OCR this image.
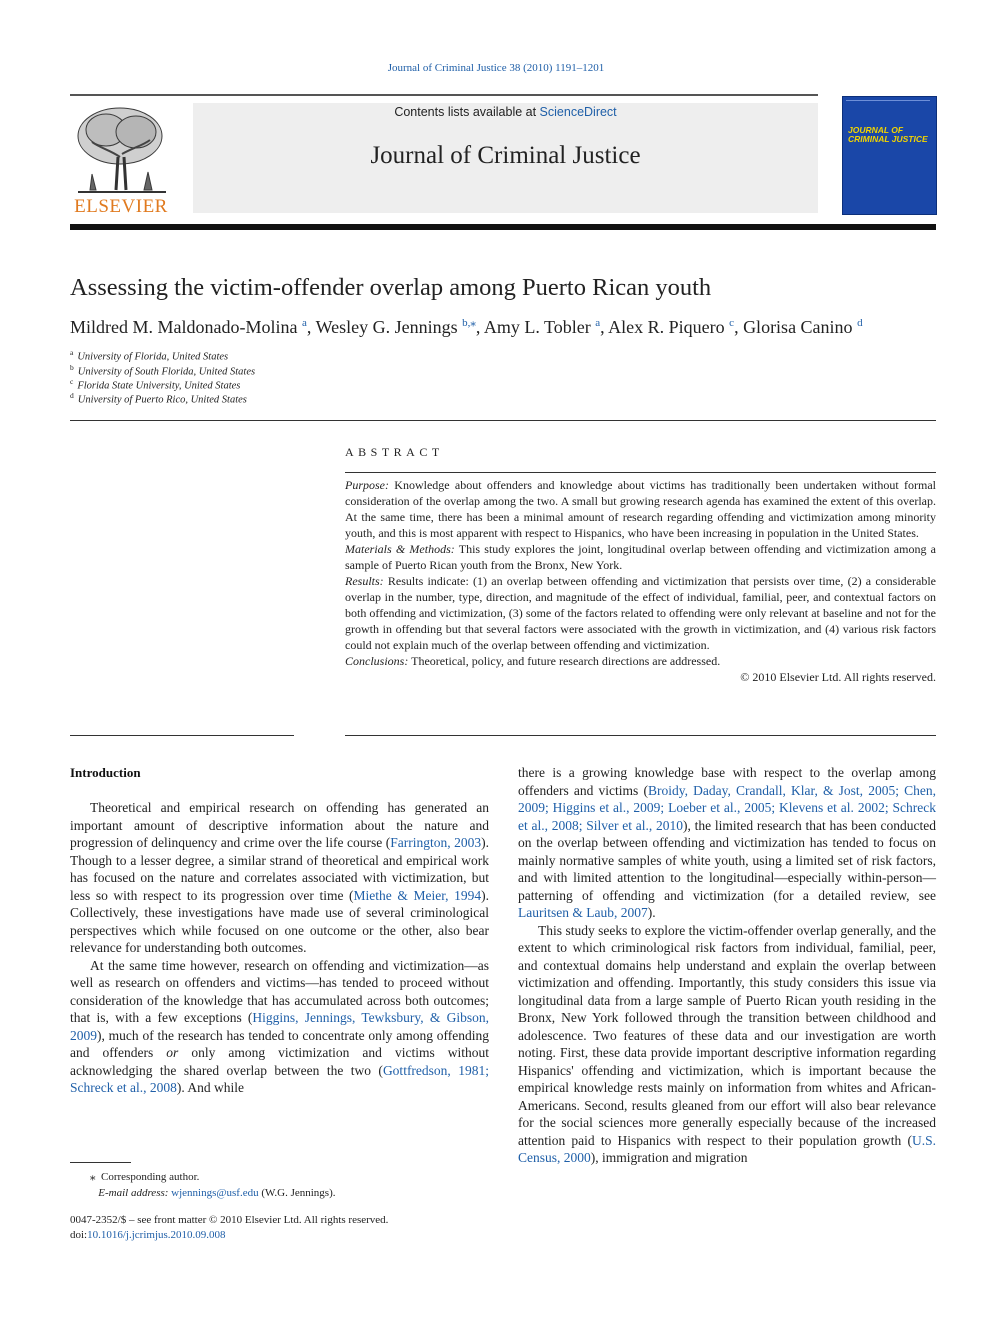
Journal of Criminal Justice 38 (2010) 1191–1201
ELSEVIER
Contents lists available at ScienceDirect
Journal of Criminal Justice
JOURNAL OF CRIMINAL JUSTICE
Assessing the victim-offender overlap among Puerto Rican youth
Mildred M. Maldonado-Molina $^a$, Wesley G. Jennings $^{b,⁎}$, Amy L. Tobler $^a$, Alex R. Piquero $^c$, Glorisa Canino $^d$
$^a$ University of Florida, United States
$^b$ University of South Florida, United States
$^c$ Florida State University, United States
$^d$ University of Puerto Rico, United States
ABSTRACT

Purpose: Knowledge about offenders and knowledge about victims has traditionally been undertaken without formal consideration of the overlap among the two. A small but growing research agenda has examined the extent of this overlap. At the same time, there has been a minimal amount of research regarding offending and victimization among minority youth, and this is most apparent with respect to Hispanics, who have been increasing in population in the United States.

Materials & Methods: This study explores the joint, longitudinal overlap between offending and victimization among a sample of Puerto Rican youth from the Bronx, New York.

Results: Results indicate: (1) an overlap between offending and victimization that persists over time, (2) a considerable overlap in the number, type, direction, and magnitude of the effect of individual, familial, peer, and contextual factors on both offending and victimization, (3) some of the factors related to offending were only relevant at baseline and not for the growth in offending but that several factors were associated with the growth in victimization, and (4) various risk factors could not explain much of the overlap between offending and victimization.

Conclusions: Theoretical, policy, and future research directions are addressed.

© 2010 Elsevier Ltd. All rights reserved.

Introduction

Theoretical and empirical research on offending has generated an important amount of descriptive information about the nature and progression of delinquency and crime over the life course (Farrington, 2003). Though to a lesser degree, a similar strand of theoretical and empirical work has focused on the nature and correlates associated with victimization, but less so with respect to its progression over time (Miethe & Meier, 1994). Collectively, these investigations have made use of several criminological perspectives which while focused on one outcome or the other, also bear relevance for understanding both outcomes.

At the same time however, research on offending and victimization—as well as research on offenders and victims—has tended to proceed without consideration of the knowledge that has accumulated across both outcomes; that is, with a few exceptions (Higgins, Jennings, Tewksbury, & Gibson, 2009), much of the research has tended to concentrate only among offending and offenders or only among victimization and victims without acknowledging the shared overlap between the two (Gottfredson, 1981; Schreck et al., 2008). And while

there is a growing knowledge base with respect to the overlap among offenders and victims (Broidy, Daday, Crandall, Klar, & Jost, 2005; Chen, 2009; Higgins et al., 2009; Loeber et al., 2005; Klevens et al. 2002; Schreck et al., 2008; Silver et al., 2010), the limited research that has been conducted on the overlap between offending and victimization has tended to focus on mainly normative samples of white youth, using a limited set of risk factors, and with limited attention to the longitudinal—especially within-person—patterning of offending and victimization (for a detailed review, see Lauritsen & Laub, 2007).

This study seeks to explore the victim-offender overlap generally, and the extent to which criminological risk factors from individual, familial, peer, and contextual domains help understand and explain the overlap between victimization and offending. Importantly, this study considers this issue via longitudinal data from a large sample of Puerto Rican youth residing in the Bronx, New York followed through the transition between childhood and adolescence. Two features of these data and our investigation are worth noting. First, these data provide important descriptive information regarding Hispanics' offending and victimization, which is important because the empirical knowledge rests mainly on information from whites and African-Americans. Second, results gleaned from our effort will also bear relevance for the social sciences more generally especially because of the increased attention paid to Hispanics with respect to their population growth (U.S. Census, 2000), immigration and migration

⁎ Corresponding author.
E-mail address: wjennings@usf.edu (W.G. Jennings).
0047-2352/$ – see front matter © 2010 Elsevier Ltd. All rights reserved.
doi:10.1016/j.jcrimjus.2010.09.008
